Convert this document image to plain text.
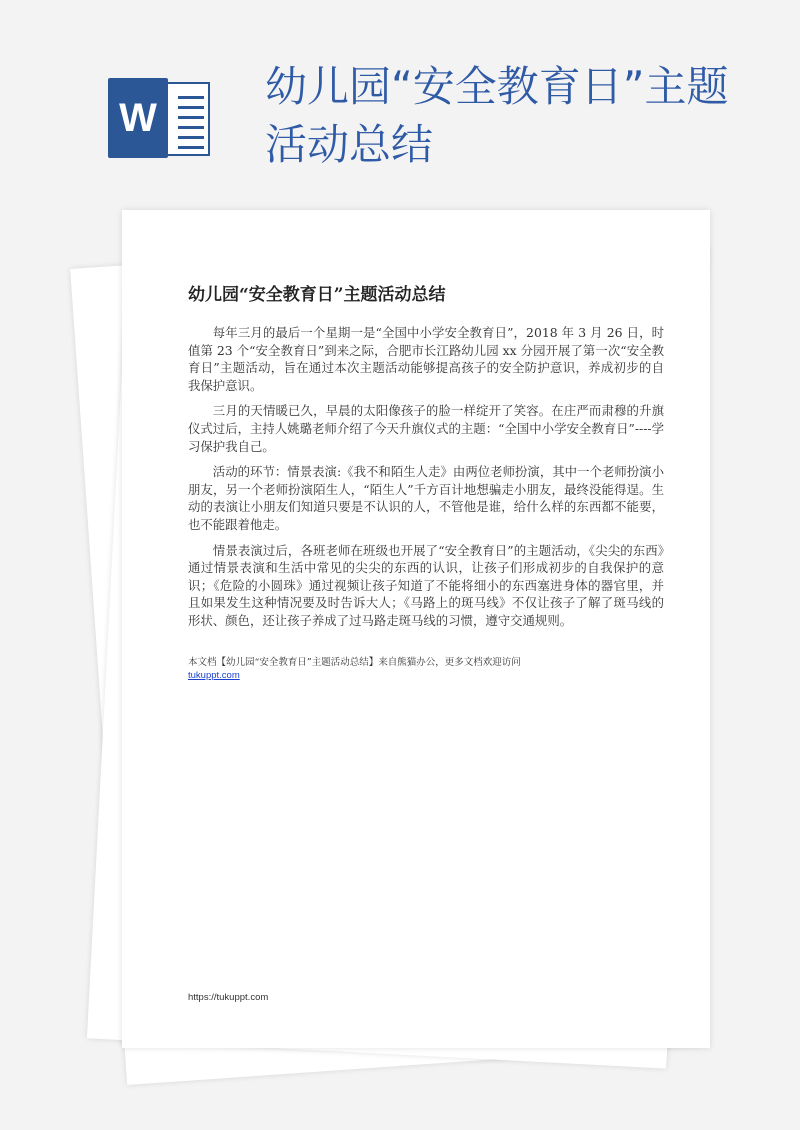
W
幼儿园“安全教育日”主题活动总结
幼儿园“安全教育日”主题活动总结

每年三月的最后一个星期一是“全国中小学安全教育日”，2018 年 3 月 26 日，时值第 23 个“安全教育日”到来之际，合肥市长江路幼儿园 xx 分园开展了第一次“安全教育日”主题活动，旨在通过本次主题活动能够提高孩子的安全防护意识，养成初步的自我保护意识。

三月的天情暖已久，早晨的太阳像孩子的脸一样绽开了笑容。在庄严而肃穆的升旗仪式过后，主持人姚璐老师介绍了今天升旗仪式的主题：“全国中小学安全教育日”----学习保护我自己。

活动的环节：情景表演:《我不和陌生人走》由两位老师扮演，其中一个老师扮演小朋友，另一个老师扮演陌生人，“陌生人”千方百计地想骗走小朋友，最终没能得逞。生动的表演让小朋友们知道只要是不认识的人，不管他是谁，给什么样的东西都不能要，也不能跟着他走。

情景表演过后，各班老师在班级也开展了“安全教育日”的主题活动，《尖尖的东西》通过情景表演和生活中常见的尖尖的东西的认识，让孩子们形成初步的自我保护的意识；《危险的小圆珠》通过视频让孩子知道了不能将细小的东西塞进身体的器官里，并且如果发生这种情况要及时告诉大人；《马路上的斑马线》不仅让孩子了解了斑马线的形状、颜色，还让孩子养成了过马路走斑马线的习惯，遵守交通规则。

本文档【幼儿园“安全教育日”主题活动总结】来自熊猫办公，更多文档欢迎访问
tukuppt.com
https://tukuppt.com
